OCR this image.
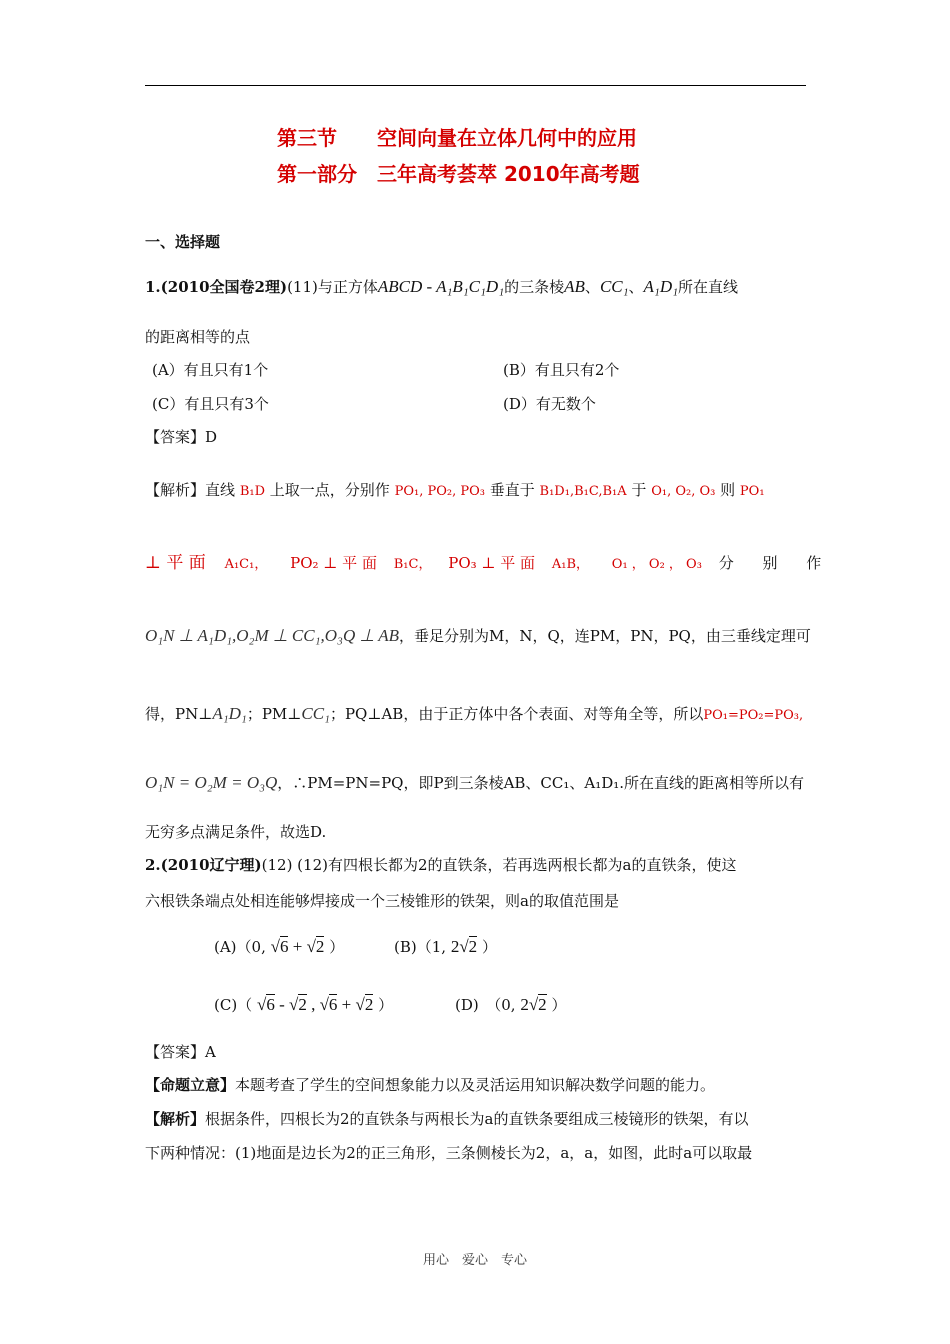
第三节　　空间向量在立体几何中的应用
第一部分　三年高考荟萃 2010年高考题
一、选择题
1.(2010全国卷2理)(11)与正方体ABCD - A₁B₁C₁D₁的三条棱AB、CC₁、A₁D₁所在直线
的距离相等的点
(A）有且只有1个	(B）有且只有2个
(C）有且只有3个	(D）有无数个
【答案】D
【解析】直线 B₁D 上取一点，分别作 PO₁, PO₂, PO₃ 垂直于 B₁D₁,B₁C,B₁A 于 O₁, O₂, O₃ 则 PO₁
⊥ 平 面 A₁C₁， PO₂ ⊥ 平 面 B₁C， PO₃ ⊥ 平 面 A₁B， O₁ ， O₂ ， O₃ 分 别 作
O₁N ⊥ A₁D₁,O₂M ⊥ CC₁,O₃Q ⊥ AB，垂足分别为M，N，Q，连PM，PN，PQ，由三垂线定理可
得，PN⊥A₁D₁；PM⊥CC₁；PQ⊥AB，由于正方体中各个表面、对等角全等，所以PO₁=PO₂=PO₃,
O₁N = O₂M = O₃Q，∴PM=PN=PQ，即P到三条棱AB、CC₁、A₁D₁.所在直线的距离相等所以有
无穷多点满足条件，故选D.
2.(2010辽宁理)(12) (12)有四根长都为2的直铁条，若再选两根长都为a的直铁条，使这
六根铁条端点处相连能够焊接成一个三棱锥形的铁架，则a的取值范围是
(A)（0, √6 + √2 ）	(B)（1, 2√2 ）
(C)（ √6 - √2 , √6 + √2 ）	(D)　（0, 2√2 ）
【答案】A
【命题立意】本题考查了学生的空间想象能力以及灵活运用知识解决数学问题的能力。
【解析】根据条件，四根长为2的直铁条与两根长为a的直铁条要组成三棱镜形的铁架，有以
下两种情况：(1)地面是边长为2的正三角形，三条侧棱长为2，a，a，如图，此时a可以取最
用心　爱心　专心
